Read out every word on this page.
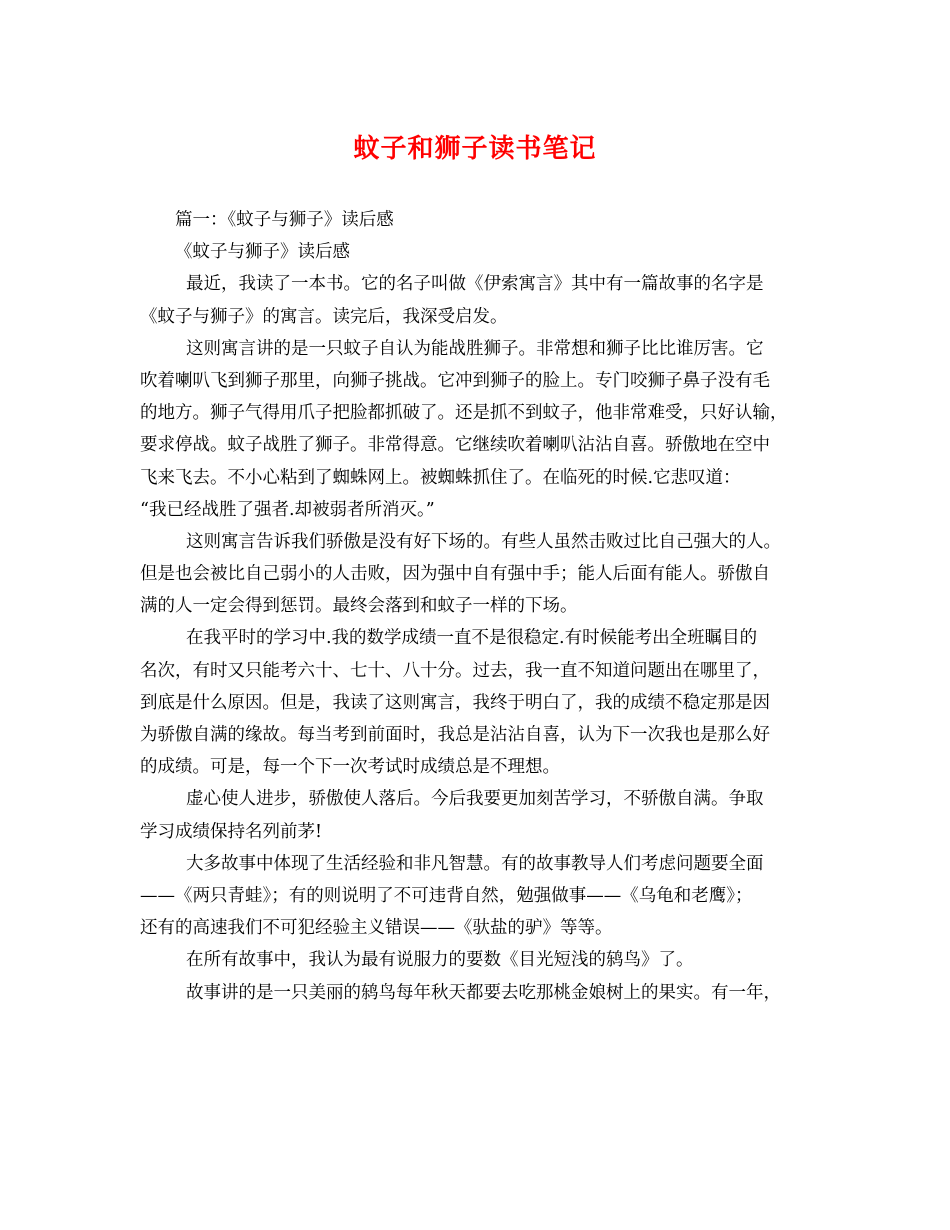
蚊子和狮子读书笔记
篇一：《蚊子与狮子》读后感
《蚊子与狮子》读后感
最近，我读了一本书。它的名子叫做《伊索寓言》其中有一篇故事的名字是
《蚊子与狮子》的寓言。读完后，我深受启发。
这则寓言讲的是一只蚊子自认为能战胜狮子。非常想和狮子比比谁厉害。它
吹着喇叭飞到狮子那里，向狮子挑战。它冲到狮子的脸上。专门咬狮子鼻子没有毛
的地方。狮子气得用爪子把脸都抓破了。还是抓不到蚊子，他非常难受，只好认输，
要求停战。蚊子战胜了狮子。非常得意。它继续吹着喇叭沾沾自喜。骄傲地在空中
飞来飞去。不小心粘到了蜘蛛网上。被蜘蛛抓住了。在临死的时候.它悲叹道：
“我已经战胜了强者.却被弱者所消灭。”
这则寓言告诉我们骄傲是没有好下场的。有些人虽然击败过比自己强大的人。
但是也会被比自己弱小的人击败，因为强中自有强中手；能人后面有能人。骄傲自
满的人一定会得到惩罚。最终会落到和蚊子一样的下场。
在我平时的学习中.我的数学成绩一直不是很稳定.有时候能考出全班瞩目的
名次，有时又只能考六十、七十、八十分。过去，我一直不知道问题出在哪里了，
到底是什么原因。但是，我读了这则寓言，我终于明白了，我的成绩不稳定那是因
为骄傲自满的缘故。每当考到前面时，我总是沾沾自喜，认为下一次我也是那么好
的成绩。可是，每一个下一次考试时成绩总是不理想。
虚心使人进步，骄傲使人落后。今后我要更加刻苦学习，不骄傲自满。争取
学习成绩保持名列前茅!
大多故事中体现了生活经验和非凡智慧。有的故事教导人们考虑问题要全面
——《两只青蛙》；有的则说明了不可违背自然，勉强做事——《乌龟和老鹰》；
还有的高速我们不可犯经验主义错误——《驮盐的驴》等等。
在所有故事中，我认为最有说服力的要数《目光短浅的鸫鸟》了。
故事讲的是一只美丽的鸫鸟每年秋天都要去吃那桃金娘树上的果实。有一年，
